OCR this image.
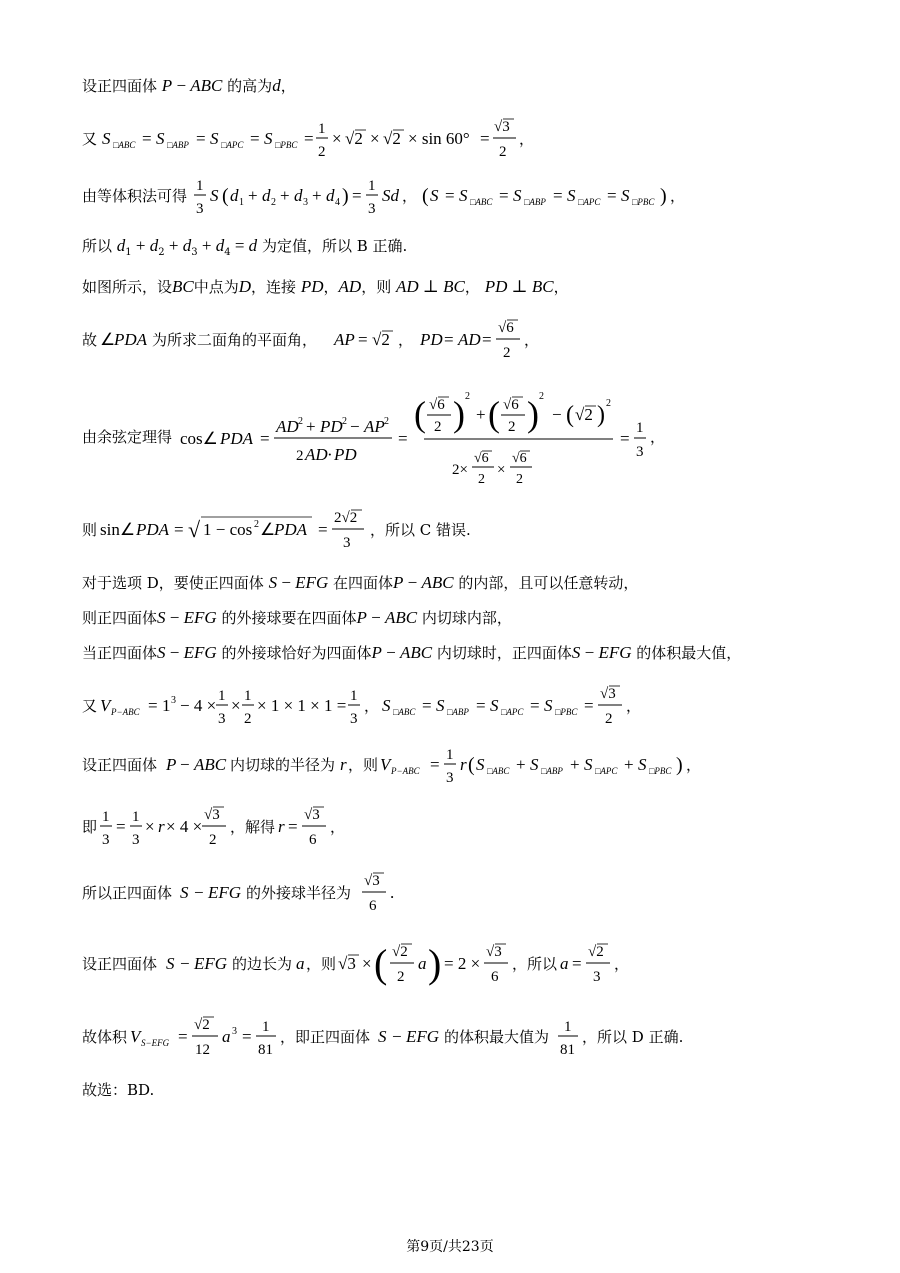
设正四面体 P − ABC 的高为d，
又 S □ABC = S □ABP = S □APC = S □PBC = 1
2
× √2 × √2 × sin 60° =
√3
2
，
由等体积法可得
1
3
S ( d 1 + d 2 + d 3 + d 4 ) = 1
3
Sd ， ( S = S □ABC = S □ABP = S □APC = S □PBC ) ，
所以 $d_1 + d_2 + d_3 + d_4 = d$ 为定值，所以 B 正确.
如图所示，设BC中点为D，连接 PD，AD，则 AD ⊥ BC， PD ⊥ BC，
故 ∠
PDA 为所求二面角的平面角， AP = √2 ， PD = AD =
√6
2
，
由余弦定理得 cos∠ PDA =
AD 2 + PD 2 − AP 2
2 AD · PD
=
( √6
2 ) 2
+ ( √6
2 ) 2
− ( √2 ) 2
2×
√6
2
×
√6
2
=
1
3
，
则 sin∠ PDA = √ 1 − cos 2 ∠
PDA =
2√2
3
，所以 C 错误.
对于选项 D，要使正四面体 S − EFG 在四面体P − ABC 的内部，且可以任意转动，
则正四面体S − EFG 的外接球要在四面体P − ABC 内切球内部，
当正四面体S − EFG 的外接球恰好为四面体P − ABC 内切球时，正四面体S − EFG 的体积最大值，
又 V P−ABC = 1 3 − 4 × 1
3
× 1
2
× 1 × 1 × 1 = 1
3
， S □ABC = S □ABP = S □APC = S □PBC =
√3
2
，
设正四面体 P − ABC 内切球的半径为 r ，则 V P−ABC = 1
3
r ( S □ABC + S □ABP + S □APC + S □PBC ) ，
即
1
3
= 1
3
× r × 4 ×
√3
2
，解得 r =
√3
6
，
所以正四面体 S − EFG 的外接球半径为
√3
6
.
设正四面体 S − EFG 的边长为 a ，则 √3 × ( √2
2
a ) = 2 ×
√3
6
，所以 a =
√2
3
，
故体积 V S−EFG =
√2
12
a 3 = 1
81
，即正四面体 S − EFG 的体积最大值为
1
81
，所以 D 正确.
故选：BD.
第9页/共23页
